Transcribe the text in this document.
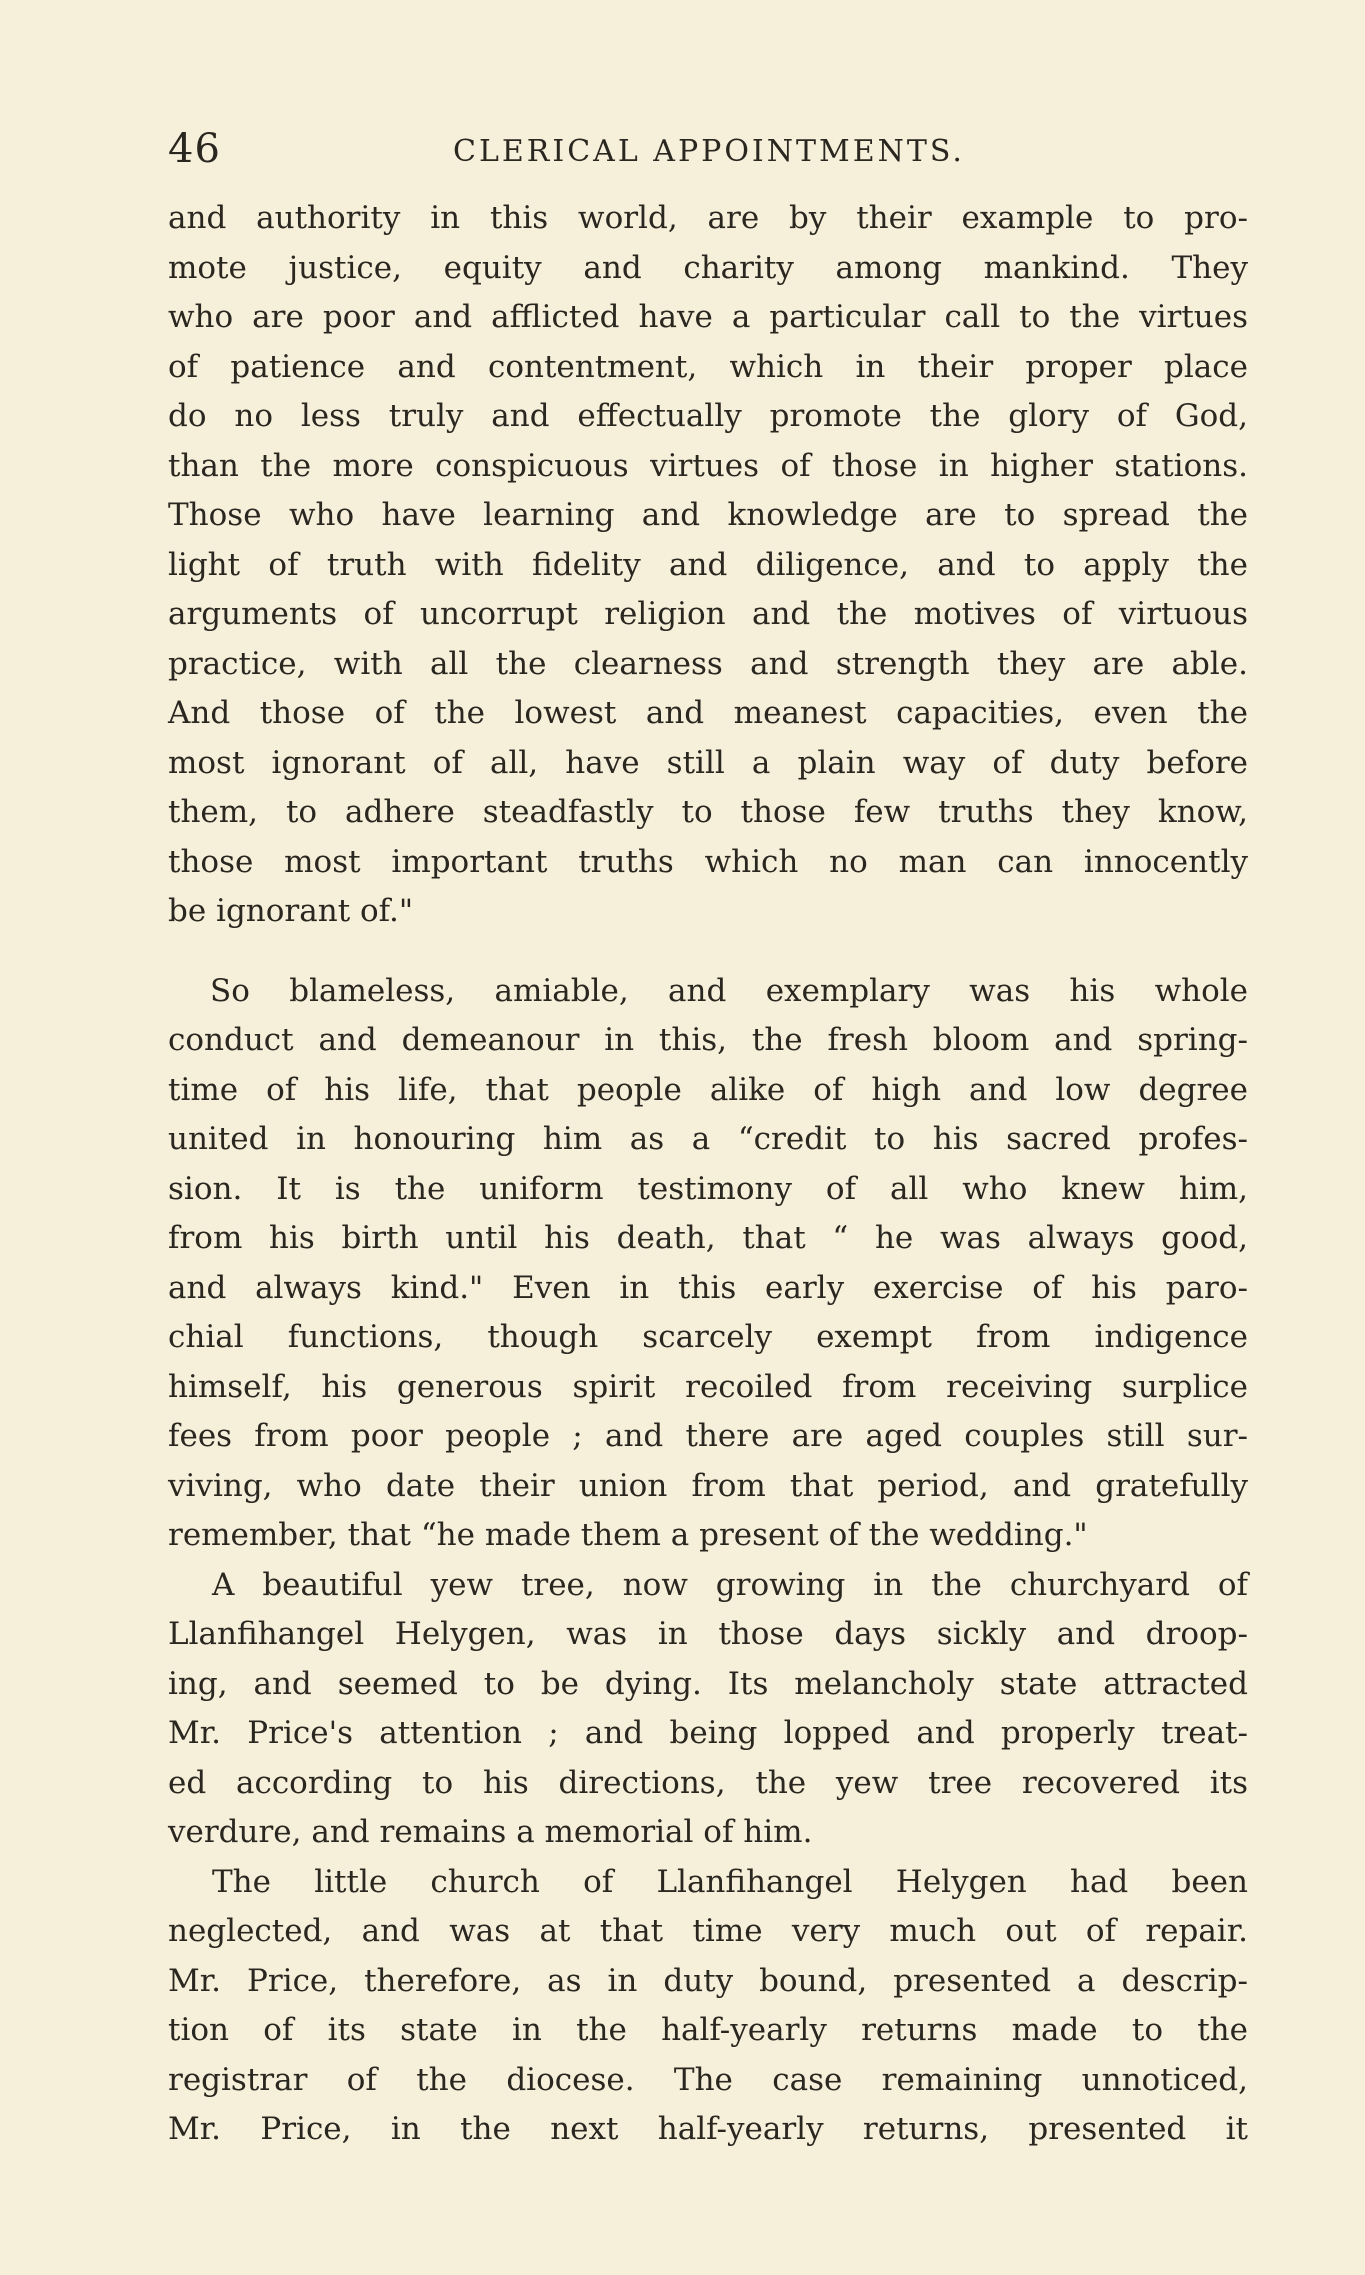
46	CLERICAL APPOINTMENTS.
and authority in this world, are by their example to pro-
mote justice, equity and charity among mankind. They
who are poor and afflicted have a particular call to the virtues
of patience and contentment, which in their proper place
do no less truly and effectually promote the glory of God,
than the more conspicuous virtues of those in higher stations.
Those who have learning and knowledge are to spread the
light of truth with fidelity and diligence, and to apply the
arguments of uncorrupt religion and the motives of virtuous
practice, with all the clearness and strength they are able.
And those of the lowest and meanest capacities, even the
most ignorant of all, have still a plain way of duty before
them, to adhere steadfastly to those few truths they know,
those most important truths which no man can innocently
be ignorant of."
So blameless, amiable, and exemplary was his whole
conduct and demeanour in this, the fresh bloom and spring-
time of his life, that people alike of high and low degree
united in honouring him as a “credit to his sacred profes-
sion. It is the uniform testimony of all who knew him,
from his birth until his death, that “ he was always good,
and always kind." Even in this early exercise of his paro-
chial functions, though scarcely exempt from indigence
himself, his generous spirit recoiled from receiving surplice
fees from poor people ; and there are aged couples still sur-
viving, who date their union from that period, and gratefully
remember, that “he made them a present of the wedding."
A beautiful yew tree, now growing in the churchyard of
Llanfihangel Helygen, was in those days sickly and droop-
ing, and seemed to be dying. Its melancholy state attracted
Mr. Price's attention ; and being lopped and properly treat-
ed according to his directions, the yew tree recovered its
verdure, and remains a memorial of him.
The little church of Llanfihangel Helygen had been
neglected, and was at that time very much out of repair.
Mr. Price, therefore, as in duty bound, presented a descrip-
tion of its state in the half-yearly returns made to the
registrar of the diocese. The case remaining unnoticed,
Mr. Price, in the next half-yearly returns, presented it
